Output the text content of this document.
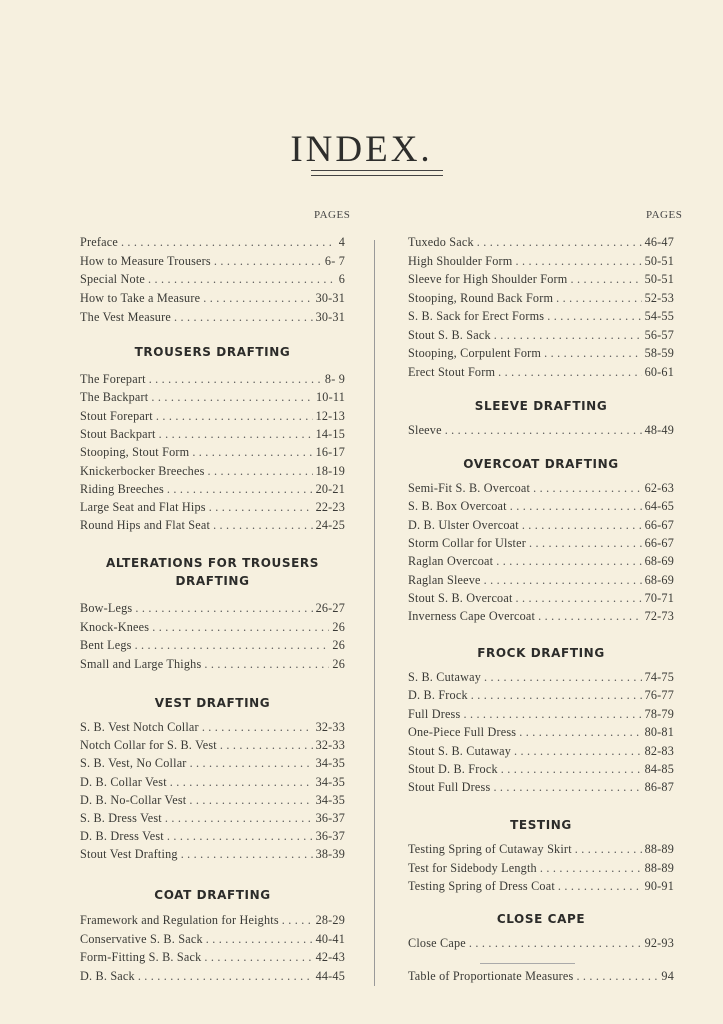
INDEX.
PAGES	PAGES
Preface . . .	4
How to Measure Trousers . . .	6- 7
Special Note . . .	6
How to Take a Measure . . .	30-31
The Vest Measure . . .	30-31
TROUSERS DRAFTING
The Forepart . . .	8- 9
The Backpart . . .	10-11
Stout Forepart . . .	12-13
Stout Backpart . . .	14-15
Stooping, Stout Form . . .	16-17
Knickerbocker Breeches . . .	18-19
Riding Breeches . . .	20-21
Large Seat and Flat Hips . . .	22-23
Round Hips and Flat Seat . . .	24-25
ALTERATIONS FOR TROUSERS
DRAFTING
Bow-Legs . . .	26-27
Knock-Knees . . .	26
Bent Legs . . .	26
Small and Large Thighs . . .	26
VEST DRAFTING
S. B. Vest Notch Collar . . .	32-33
Notch Collar for S. B. Vest . . .	32-33
S. B. Vest, No Collar . . .	34-35
D. B. Collar Vest . . .	34-35
D. B. No-Collar Vest . . .	34-35
S. B. Dress Vest . . .	36-37
D. B. Dress Vest . . .	36-37
Stout Vest Drafting . . .	38-39
COAT DRAFTING
Framework and Regulation for Heights . . .	28-29
Conservative S. B. Sack . . .	40-41
Form-Fitting S. B. Sack . . .	42-43
D. B. Sack . . .	44-45
Tuxedo Sack . . .	46-47
High Shoulder Form . . .	50-51
Sleeve for High Shoulder Form . . .	50-51
Stooping, Round Back Form . . .	52-53
S. B. Sack for Erect Forms . . .	54-55
Stout S. B. Sack . . .	56-57
Stooping, Corpulent Form . . .	58-59
Erect Stout Form . . .	60-61
SLEEVE DRAFTING
Sleeve . . .	48-49
OVERCOAT DRAFTING
Semi-Fit S. B. Overcoat . . .	62-63
S. B. Box Overcoat . . .	64-65
D. B. Ulster Overcoat . . .	66-67
Storm Collar for Ulster . . .	66-67
Raglan Overcoat . . .	68-69
Raglan Sleeve . . .	68-69
Stout S. B. Overcoat . . .	70-71
Inverness Cape Overcoat . . .	72-73
FROCK DRAFTING
S. B. Cutaway . . .	74-75
D. B. Frock . . .	76-77
Full Dress . . .	78-79
One-Piece Full Dress . . .	80-81
Stout S. B. Cutaway . . .	82-83
Stout D. B. Frock . . .	84-85
Stout Full Dress . . .	86-87
TESTING
Testing Spring of Cutaway Skirt . . .	88-89
Test for Sidebody Length . . .	88-89
Testing Spring of Dress Coat . . .	90-91
CLOSE CAPE
Close Cape . . .	92-93
Table of Proportionate Measures . . .	94
